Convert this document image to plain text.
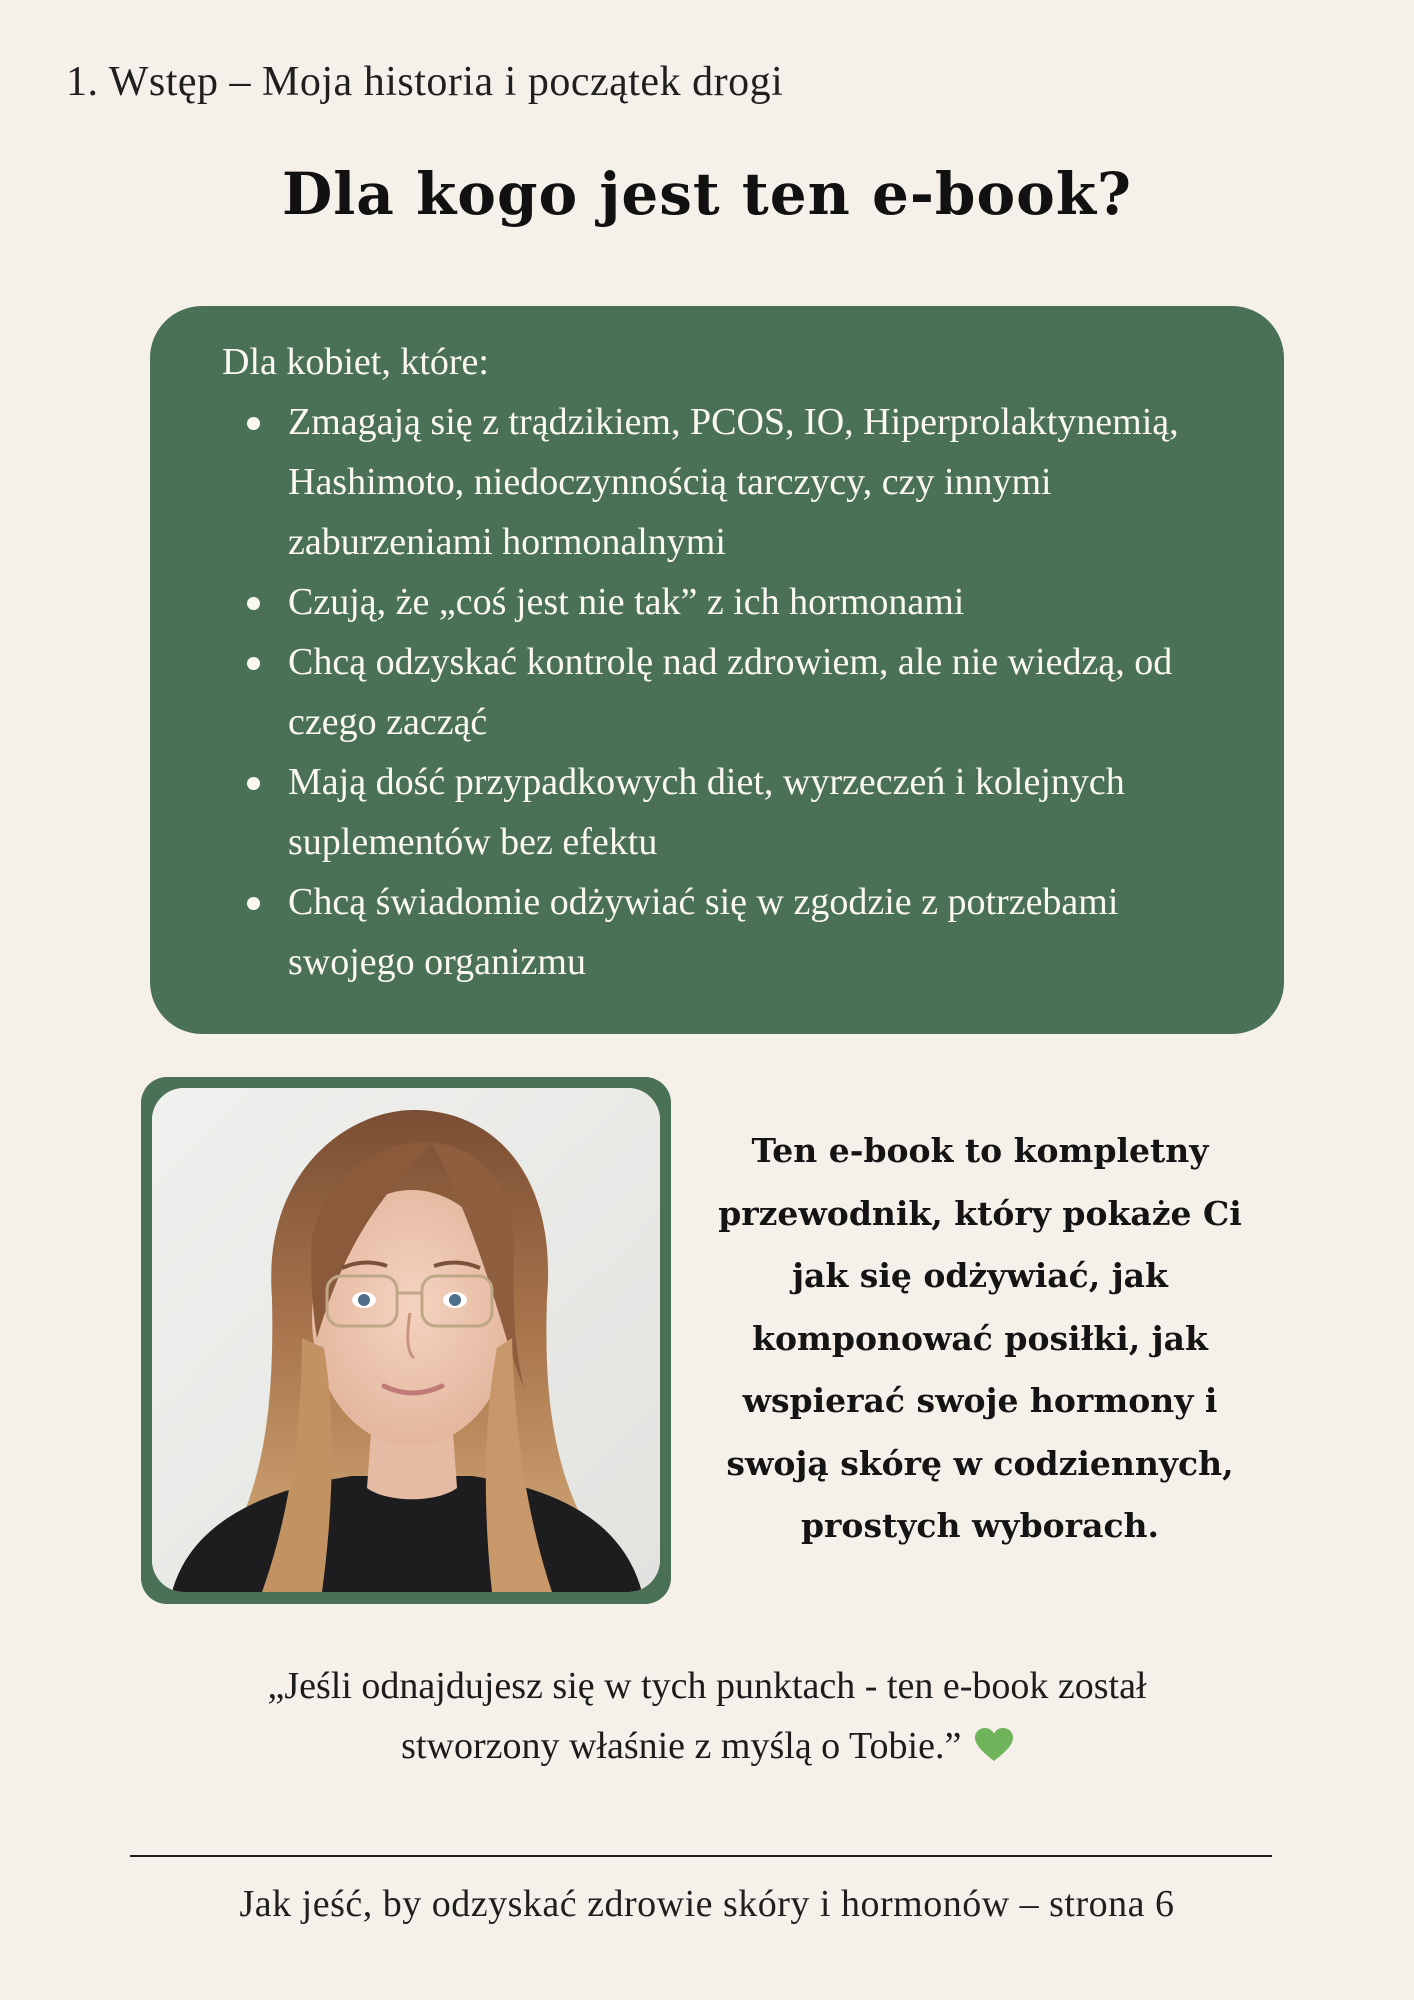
1. Wstęp – Moja historia i początek drogi
Dla kogo jest ten e-book?

Dla kobiet, które:

Zmagają się z trądzikiem, PCOS, IO, Hiperprolaktynemią, Hashimoto, niedoczynnością tarczycy, czy innymi zaburzeniami hormonalnymi
Czują, że „coś jest nie tak” z ich hormonami
Chcą odzyskać kontrolę nad zdrowiem, ale nie wiedzą, od czego zacząć
Mają dość przypadkowych diet, wyrzeczeń i kolejnych suplementów bez efektu
Chcą świadomie odżywiać się w zgodzie z potrzebami swojego organizmu
Ten e-book to kompletny przewodnik, który pokaże Ci jak się odżywiać, jak komponować posiłki, jak wspierać swoje hormony i swoją skórę w codziennych, prostych wyborach.
„Jeśli odnajdujesz się w tych punktach - ten e-book został stworzony właśnie z myślą o Tobie.”
Jak jeść, by odzyskać zdrowie skóry i hormonów – strona 6
